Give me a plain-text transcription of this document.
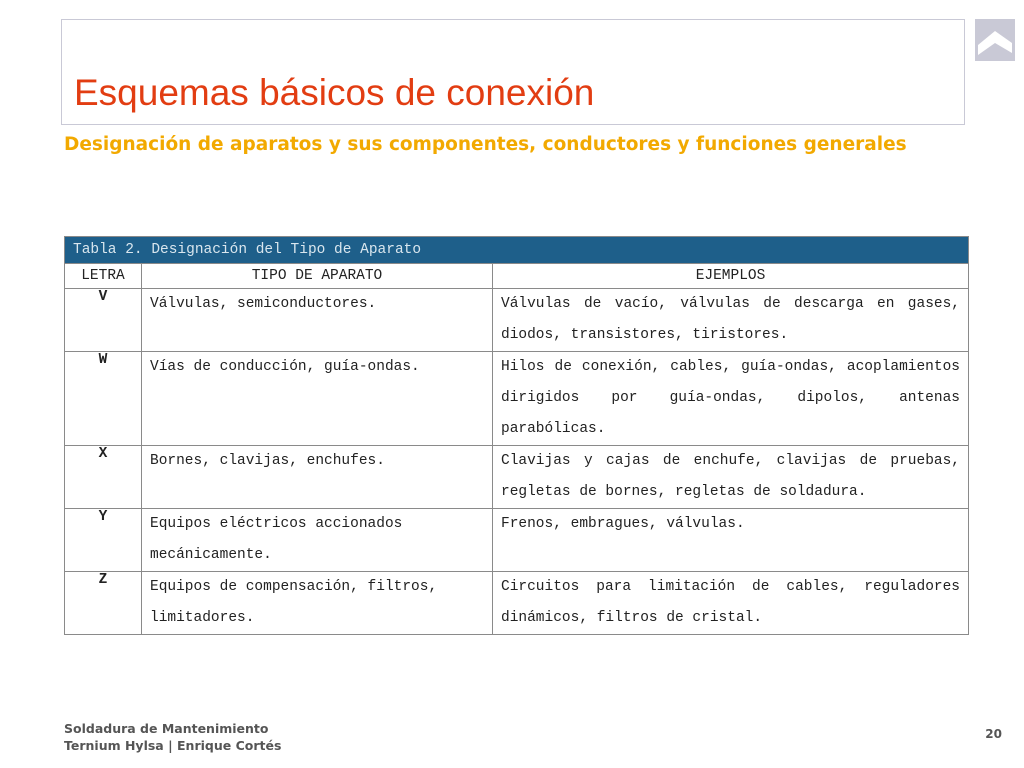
Esquemas básicos de conexión

Designación de aparatos y sus componentes, conductores y funciones generales

Tabla 2. Designación del Tipo de Aparato		
LETRA	TIPO DE APARATO	EJEMPLOS
V	Válvulas, semiconductores.	Válvulas de vacío, válvulas de descarga en gases, diodos, transistores, tiristores.
W	Vías de conducción, guía-ondas.	Hilos de conexión, cables, guía-ondas, acoplamientos dirigidos por guía-ondas, dipolos, antenas parabólicas.
X	Bornes, clavijas, enchufes.	Clavijas y cajas de enchufe, clavijas de pruebas, regletas de bornes, regletas de soldadura.
Y	Equipos eléctricos accionados mecánicamente.	Frenos, embragues, válvulas.
Z	Equipos de compensación, filtros, limitadores.	Circuitos para limitación de cables, reguladores dinámicos, filtros de cristal.
Soldadura de Mantenimiento
Ternium Hylsa | Enrique Cortés
20
